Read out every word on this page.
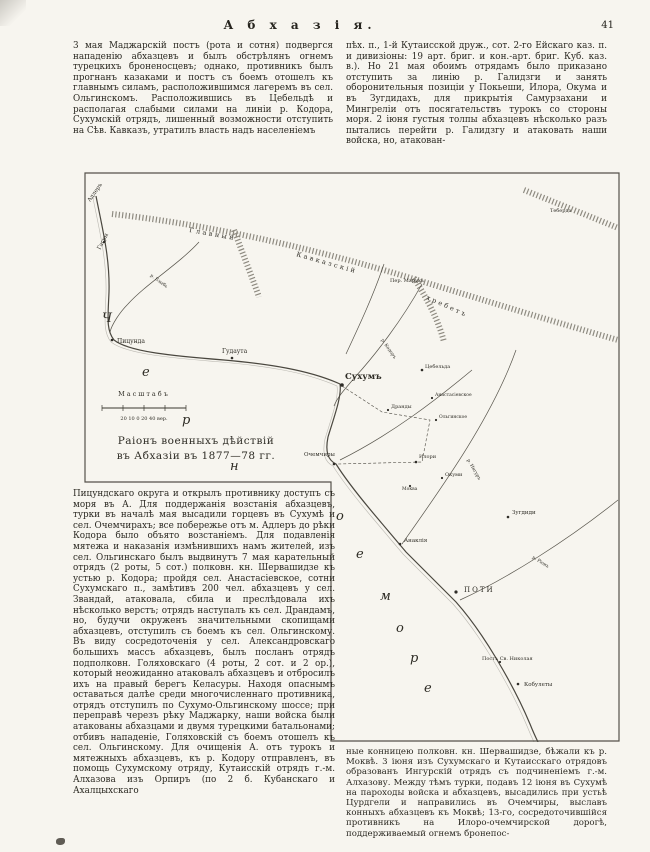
А б х а з і я.	41
3 мая Маджарскій постъ (рота и сотня) подвергся нападенію абхазцевъ и былъ обстрѣлянъ огнемъ турецкихъ броненосцевъ; однако, противникъ былъ прогнанъ казаками и постъ съ боемъ отошелъ къ главнымъ силамъ, расположившимся лагеремъ въ сел. Ольгинскомъ. Расположившись въ Цебельдѣ и располагая слабыми силами на линіи р. Кодора, Сухумскій отрядъ, лишенный возможности отступить на Сѣв. Кавказъ, утратилъ власть надъ населеніемъ
пѣх. п., 1-й Кутаисской друж., сот. 2-го Ейскаго каз. п. и дивизіоны: 19 арт. бриг. и кон.-арт. бриг. Куб. каз. в.). Но 21 мая обоимъ отрядамъ было приказано отступить за линію р. Галидзги и занять оборонительныя позиціи у Покьеши, Илора, Окума и въ Зугдидахъ, для прикрытія Самурзахани и Мингреліи отъ посягательствъ турокъ со стороны моря. 2 іюня густыя толпы абхазцевъ нѣсколько разъ пытались перейти р. Галидзгу и атаковать наши войска, но, атакован-
Ч
е
р
н
о
е
м
о
р
е
Адлеръ
Гагры
Пицунда
Гудаута
Сухумъ
Дранды
Цебельда
Анастасіевское
Ольгинское
Очемчиры	Илори
Окуми
Моква
Анаклія
ПОТИ
Постъ Св. Николая
Кобулеты
Зугдиди
Пер. Марухъ
Теберда
Главный
Кавказскій
хребетъ
р. Кодоръ
р. Ингуръ
р. Ріонъ
р. Бзыбь
Масштабъ
20 10 0 20 40 вер.
Раіонъ военныхъ дѣйствій
въ Абхазіи въ 1877—78 гг.
Пицундскаго округа и открылъ противнику доступъ съ моря въ А. Для поддержанія возстанія абхазцевъ, турки въ началѣ мая высадили горцевъ въ Сухумѣ и сел. Очемчирахъ; все побережье отъ м. Адлеръ до рѣки Кодора было объято возстаніемъ. Для подавленія мятежа и наказанія измѣнившихъ намъ жителей, изъ сел. Ольгинскаго былъ выдвинутъ 7 мая карательный отрядъ (2 роты, 5 сот.) полковн. кн. Шервашидзе къ устью р. Кодора; пройдя сел. Анастасіевское, сотни Сухумскаго п., замѣтивъ 200 чел. абхазцевъ у сел. Звандай, атаковала, сбила и преслѣдовала ихъ нѣсколько верстъ; отрядъ наступалъ къ сел. Драндамъ, но, будучи окруженъ значительными скопищами абхазцевъ, отступилъ съ боемъ къ сел. Ольгинскому. Въ виду сосредоточенія у сел. Александровскаго большихъ массъ абхазцевъ, былъ посланъ отрядъ подполковн. Голяховскаго (4 роты, 2 сот. и 2 ор.), который неожиданно атаковалъ абхазцевъ и отбросилъ ихъ на правый берегъ Келасуры. Находя опаснымъ оставаться далѣе среди многочисленнаго противника, отрядъ отступилъ по Сухумо-Ольгинскому шоссе; при переправѣ черезъ рѣку Маджарку, наши войска были атакованы абхазцами и двумя турецкими батальонами; отбивъ нападеніе, Голяховскій съ боемъ отошелъ къ сел. Ольгинскому. Для очищенія А. отъ турокъ и мятежныхъ абхазцевъ, къ р. Кодору отправленъ, въ помощь Сухумскому отряду, Кутаисскій отрядъ г.-м. Алхазова изъ Орпиръ (по 2 б. Кубанскаго и Ахалцыхскаго
ные конницею полковн. кн. Шервашидзе, бѣжали къ р. Моквѣ. 3 іюня изъ Сухумскаго и Кутаисскаго отрядовъ образованъ Ингурскій отрядъ съ подчиненіемъ г.-м. Алхазову. Между тѣмъ турки, подавъ 12 іюня въ Сухумѣ на пароходы войска и абхазцевъ, высадились при устьѣ Цурдгели и направились въ Очемчиры, выславъ конныхъ абхазцевъ къ Моквѣ; 13-го, сосредоточившійся противникъ на Илоро-очемчирской дорогѣ, поддерживаемый огнемъ бронепос-
